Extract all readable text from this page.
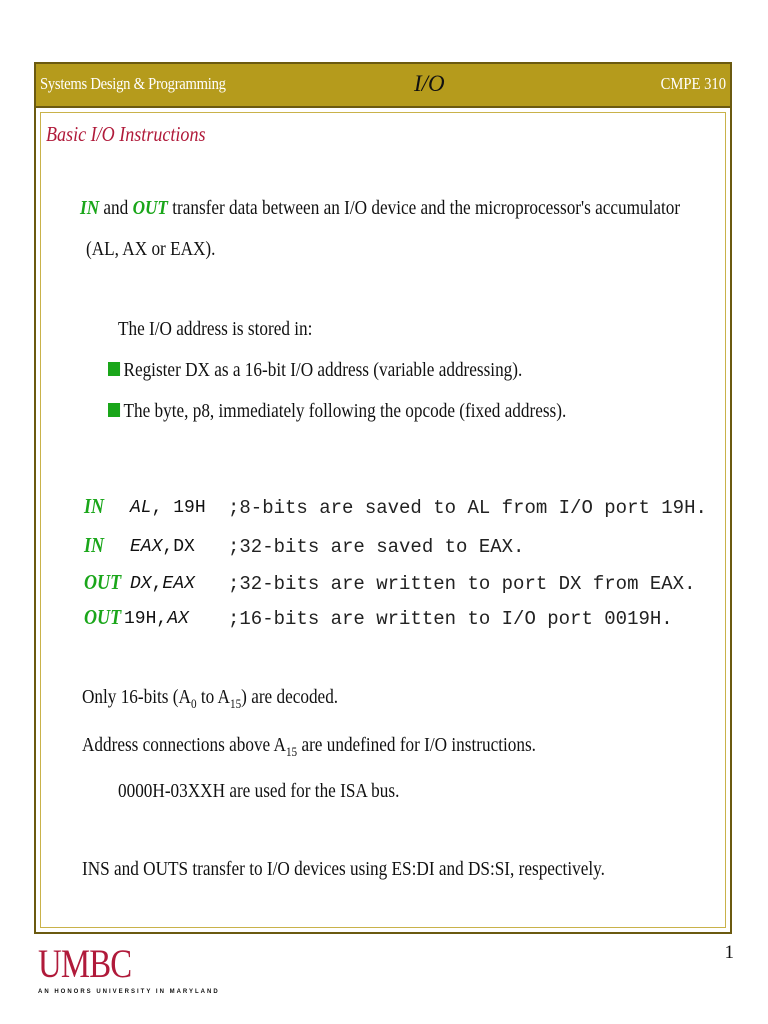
Systems Design & Programming	I/O	CMPE 310
Basic I/O Instructions
IN and OUT transfer data between an I/O device and the microprocessor's accumulator
(AL, AX or EAX).
The I/O address is stored in:
Register DX as a 16-bit I/O address (variable addressing).
The byte, p8, immediately following the opcode (fixed address).
IN AL, 19H ;8-bits are saved to AL from I/O port 19H.
IN EAX,DX ;32-bits are saved to EAX.
OUT DX,EAX ;32-bits are written to port DX from EAX.
OUT 19H,AX ;16-bits are written to I/O port 0019H.
Only 16-bits ($A_0$ to $A_{15}$) are decoded.
Address connections above $A_{15}$ are undefined for I/O instructions.
0000H-03XXH are used for the ISA bus.
INS and OUTS transfer to I/O devices using ES:DI and DS:SI, respectively.
UMBC
AN HONORS UNIVERSITY IN MARYLAND
1
